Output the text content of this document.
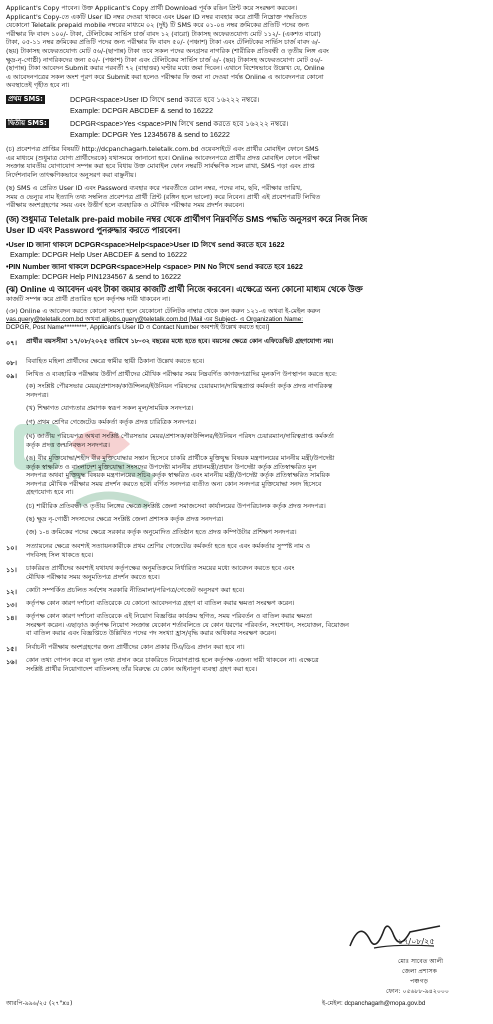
Applicant's Copy পাবেন। উক্ত Applicant's Copy প্রার্থী Download পূর্বক রঙিন প্রিন্ট করে সংরক্ষণ করবেন।
Applicant's Copy-তে একটি User ID নম্বর দেওয়া থাকবে এবং User ID নম্বর ব্যবহার করে প্রার্থী নিম্নোক্ত পদ্ধতিতে
যেকোনো Teletalk prepaid mobile নম্বরের মাধ্যমে ০২ (দুই) টি SMS করে ০১-০৪ নম্বর ক্রমিকের প্রতিটি পদের জন্য
পরীক্ষার ফি বাবদ ১০০/- টাকা, টেলিটকের সার্ভিস চার্জ বাবদ ১২ (বারো) টাকাসহ অফেরতযোগ্য মোট ১১২/- (একশত বারো)
টাকা, ০৫-১১ নম্বর ক্রমিকের প্রতিটি পদের জন্য পরীক্ষার ফি বাবদ ৫০/- (পঞ্চাশ) টাকা এবং টেলিটকের সার্ভিস চার্জ বাবদ ৬/-
(ছয়) টাকাসহ অফেরতযোগ্য মোট ৫৬/-(ছাপান্ন) টাকা তবে সকল পদের অনগ্রসর নাগরিক (শারীরিক প্রতিবন্ধী ও তৃতীয় লিঙ্গ এবং
ক্ষুদ্র-নৃ-গোষ্ঠী) নাগরিকদের জন্য ৫০/- (পঞ্চাশ) টাকা এবং টেলিটকের সার্ভিস চার্জ ৬/- (ছয়) টাকাসহ অফেরতযোগ্য মোট ৫৬/-
(ছাপান্ন) টাকা আবেদন Submit করার পরবর্তী ৭২ (বাহাত্তর) ঘণ্টার মধ্যে জমা দিবেন। এখানে বিশেষভাবে উল্লেখ্য যে, Online
এ আবেদনপত্রের সকল অংশ পূরণ করে Submit করা হলেও পরীক্ষার ফি জমা না দেওয়া পর্যন্ত Online এ আবেদনপত্র কোনো
অবস্থাতেই গৃহীত হবে না।
প্রথম SMS:	DCPGR<space>User ID লিখে send করতে হবে ১৬২২২ নম্বরে।
Example: DCPGR ABCDEF & send to 16222
দ্বিতীয় SMS:	DCPGR<space>Yes <space>PIN লিখে send করতে হবে ১৬২২২ নম্বরে।
Example: DCPGR Yes 12345678 & send to 16222
(চ) প্রবেশপত্র প্রাপ্তির বিষয়টি http://dcpanchagarh.teletalk.com.bd ওয়েবসাইটে এবং প্রার্থীর মোবাইল ফোনে SMS
এর মাধ্যমে (শুধুমাত্র যোগ্য প্রার্থীদেরকে) যথাসময়ে জানানো হবে। Online আবেদনপত্রে প্রার্থীর প্রদত্ত মোবাইল ফোনে পরীক্ষা
সংক্রান্ত যাবতীয় যোগাযোগ সম্পন্ন করা হবে বিধায় উক্ত মোবাইল ফোন নম্বরটি সার্বক্ষণিক সচল রাখা, SMS পড়া এবং প্রাপ্ত
নির্দেশনাবলি তাৎক্ষণিকভাবে অনুসরণ করা বাঞ্ছনীয়।
(ছ) SMS এ প্রেরিত User ID এবং Password ব্যবহার করে পরবর্তীতে রোল নম্বর, পদের নাম, ছবি, পরীক্ষার তারিখ,
সময় ও ভেন্যুর নাম ইত্যাদি তথ্য সম্বলিত প্রবেশপত্র প্রার্থী প্রিন্ট (রঙ্গিন হলে ভালো) করে নিবেন। প্রার্থী এই প্রবেশপত্রটি লিখিত
পরীক্ষায় অংশগ্রহণের সময় এবং উত্তীর্ণ হলে ব্যবহারিক ও মৌখিক পরীক্ষার সময় প্রদর্শন করবেন।
(জ) শুধুমাত্র Teletalk pre-paid mobile নম্বর থেকে প্রার্থীগণ নিম্নবর্ণিত SMS পদ্ধতি অনুসরণ করে নিজ নিজ
User ID এবং Password পুনরুদ্ধার করতে পারবেন।
•User ID জানা থাকলে DCPGR<space>Help<space>User ID লিখে send করতে হবে 1622
Example: DCPGR Help User ABCDEF & send to 16222
•PIN Number জানা থাকলে DCPGR<space>Help <space> PIN No লিখে send করতে হবে 1622
Example: DCPGR Help PIN1234567 & send to 16222
(ঝ) Online এ আবেদন এবং টাকা জমার কাজটি প্রার্থী নিজে করবেন। এক্ষেত্রে অন্য কোনো মাধ্যম থেকে উক্ত
কাজটি সম্পন্ন করে প্রার্থী প্রতারিত হলে কর্তৃপক্ষ দায়ী থাকবেন না।
(ঞ) Online এ আবেদন করতে কোনো সমস্যা হলে যেকোনো টেলিটক নাম্বার থেকে কল করুন ১২১-এ অথবা ই-মেইল করুন
vas.query@teletalk.com.bd অথবা alljobs.query@teletalk.com.bd [Mail এর Subject- এ Organization Name:
DCPGR, Post Name*********, Applicant's User ID ও Contact Number অবশ্যই উল্লেখ করতে হবে।]
০৭।	প্রার্থীর বয়সসীমা ১৭/০৮/২০২৫ তারিখে ১৮-৩২ বছরের মধ্যে হতে হবে। বয়সের ক্ষেত্রে কোন এফিডেভিট গ্রহণযোগ্য নয়।
০৮।	বিবাহিত মহিলা প্রার্থীদের ক্ষেত্রে স্বামীর স্থায়ী ঠিকানা উল্লেখ করতে হবে।
০৯।	লিখিত ও ব্যবহারিক পরীক্ষায় উত্তীর্ণ প্রার্থীদের মৌখিক পরীক্ষার সময় নিম্নবর্ণিত কাগজপত্রাদির মূলকপি উপস্থাপন করতে হবে:
(ক) সংশ্লিষ্ট পৌরসভার মেয়র/প্রশাসক/কাউন্সিলর/ইউনিয়ন পরিষদের চেয়ারম্যান/দায়িত্বপ্রাপ্ত কর্মকর্তা কর্তৃক প্রদত্ত নাগরিকত্ব
সনদপত্র।
(খ) শিক্ষাগত যোগ্যতার প্রমাণক স্বরূপ সকল মূল/সাময়িক সনদপত্র।
(গ) প্রথম শ্রেণির গেজেটেড কর্মকর্তা কর্তৃক প্রদত্ত চারিত্রিক সনদপত্র।
(ঘ) জাতীয় পরিচয়পত্র অথবা সংশ্লিষ্ট পৌরসভার মেয়র/প্রশাসক/কাউন্সিলর/ইউনিয়ন পরিষদ চেয়ারম্যান/দায়িত্বপ্রাপ্ত কর্মকর্তা
কর্তৃক প্রদত্ত জন্মনিবন্ধন সনদপত্র।
(ঙ) বীর মুক্তিযোদ্ধা/শহীদ বীর মুক্তিযোদ্ধার সন্তান হিসেবে চাকরি প্রার্থীকে মুক্তিযুদ্ধ বিষয়ক মন্ত্রণালয়ের মাননীয় মন্ত্রী/উপদেষ্টা
কর্তৃক স্বাক্ষরিত ও বাংলাদেশ মুক্তিযোদ্ধা সংসদের উপদেষ্টা মাননীয় প্রধানমন্ত্রী/প্রধান উপদেষ্টা কর্তৃক প্রতিস্বাক্ষরিত মূল
সনদপত্র অথবা মুক্তিযুদ্ধ বিষয়ক মন্ত্রণালয়ের সচিব কর্তৃক স্বাক্ষরিত এবং মাননীয় মন্ত্রী/উপদেষ্টা কর্তৃক প্রতিস্বাক্ষরিত সাময়িক
সনদপত্র মৌখিক পরীক্ষার সময় প্রদর্শন করতে হবে। বর্ণিত সনদপত্র ব্যতীত অন্য কোন সনদপত্র মুক্তিযোদ্ধা সনদ হিসেবে
গ্রহণযোগ্য হবে না।
(চ) শারীরিক প্রতিবন্ধী ও তৃতীয় লিঙ্গের ক্ষেত্রে সংশ্লিষ্ট জেলা সমাজসেবা কার্যালয়ের উপপরিচালক কর্তৃক প্রদত্ত সনদপত্র।
(ছ) ক্ষুদ্র নৃ-গোষ্ঠী সদস্যদের ক্ষেত্রে সংশ্লিষ্ট জেলা প্রশাসক কর্তৃক প্রদত্ত সনদপত্র।
(জ) ১-৪ ক্রমিকের পদের ক্ষেত্রে সরকার কর্তৃক অনুমোদিত প্রতিষ্ঠান হতে প্রদত্ত কম্পিউটার প্রশিক্ষণ সনদপত্র।
১০।	সত্যায়নের ক্ষেত্রে অবশ্যই সত্যায়নকারীকে প্রথম শ্রেণির গেজেটেড কর্মকর্তা হতে হবে এবং কর্মকর্তার সুস্পষ্ট নাম ও
পদবিসহ সিল থাকতে হবে।
১১।	চাকরিরত প্রার্থীদের অবশ্যই যথাযথ কর্তৃপক্ষের অনুমতিক্রমে নির্ধারিত সময়ের মধ্যে আবেদন করতে হবে এবং
মৌখিক পরীক্ষার সময় অনুমতিপত্র প্রদর্শন করতে হবে।
১২।	কোটা সম্পর্কিত প্রচলিত সর্বশেষ সরকারি নীতিমালা/পরিপত্র/গেজেট অনুসরণ করা হবে।
১৩।	কর্তৃপক্ষ কোন কারণ দর্শানো ব্যতিরেকে যে কোনো আবেদনপত্র গ্রহণ বা বাতিল করার ক্ষমতা সংরক্ষণ করেন।
১৪।	কর্তৃপক্ষ কোন কারণ দর্শানো ব্যতিরেকে এই নিয়োগ বিজ্ঞপ্তির কার্যক্রম স্থগিত, সময় পরিবর্তন ও বাতিল করার ক্ষমতা
সংরক্ষণ করেন। এছাড়াও কর্তৃপক্ষ নিয়োগ সংক্রান্ত যেকোন শর্তাবলিতে যে কোন ধরণের পরিবর্তন, সংশোধন, সংযোজন, বিয়োজন
বা বাতিল করার এবং বিজ্ঞপ্তিতে উল্লিখিত পদের পদ সংখ্যা হ্রাস/বৃদ্ধি করার অধিকার সংরক্ষণ করেন।
১৫।	নির্বাচনী পরীক্ষায় অংশগ্রহণের জন্য প্রার্থীদের কোন প্রকার টিএ/ডিএ প্রদান করা হবে না।
১৬।	কোন তথ্য গোপন করে বা ভুল তথ্য প্রদান করে চাকরিতে নিয়োগপ্রাপ্ত হলে কর্তৃপক্ষ এজন্য দায়ী থাকবেন না। এক্ষেত্রে
সংশ্লিষ্ট প্রার্থীর নিয়োগাদেশ বাতিলসহ তাঁর বিরুদ্ধে যে কোন আইনানুগ ব্যবস্থা গ্রহণ করা হবে।
১৭/০৮/২৫
মোঃ সাবেত আলী
জেলা প্রশাসক
পঞ্চগড়
ফোন: ০৫৬৮৮-৯৪২০০০
ই-মেইল: dcpanchagarh@mopa.gov.bd
আরপি-৯৯৬/২৫ (২৭"x৪)
